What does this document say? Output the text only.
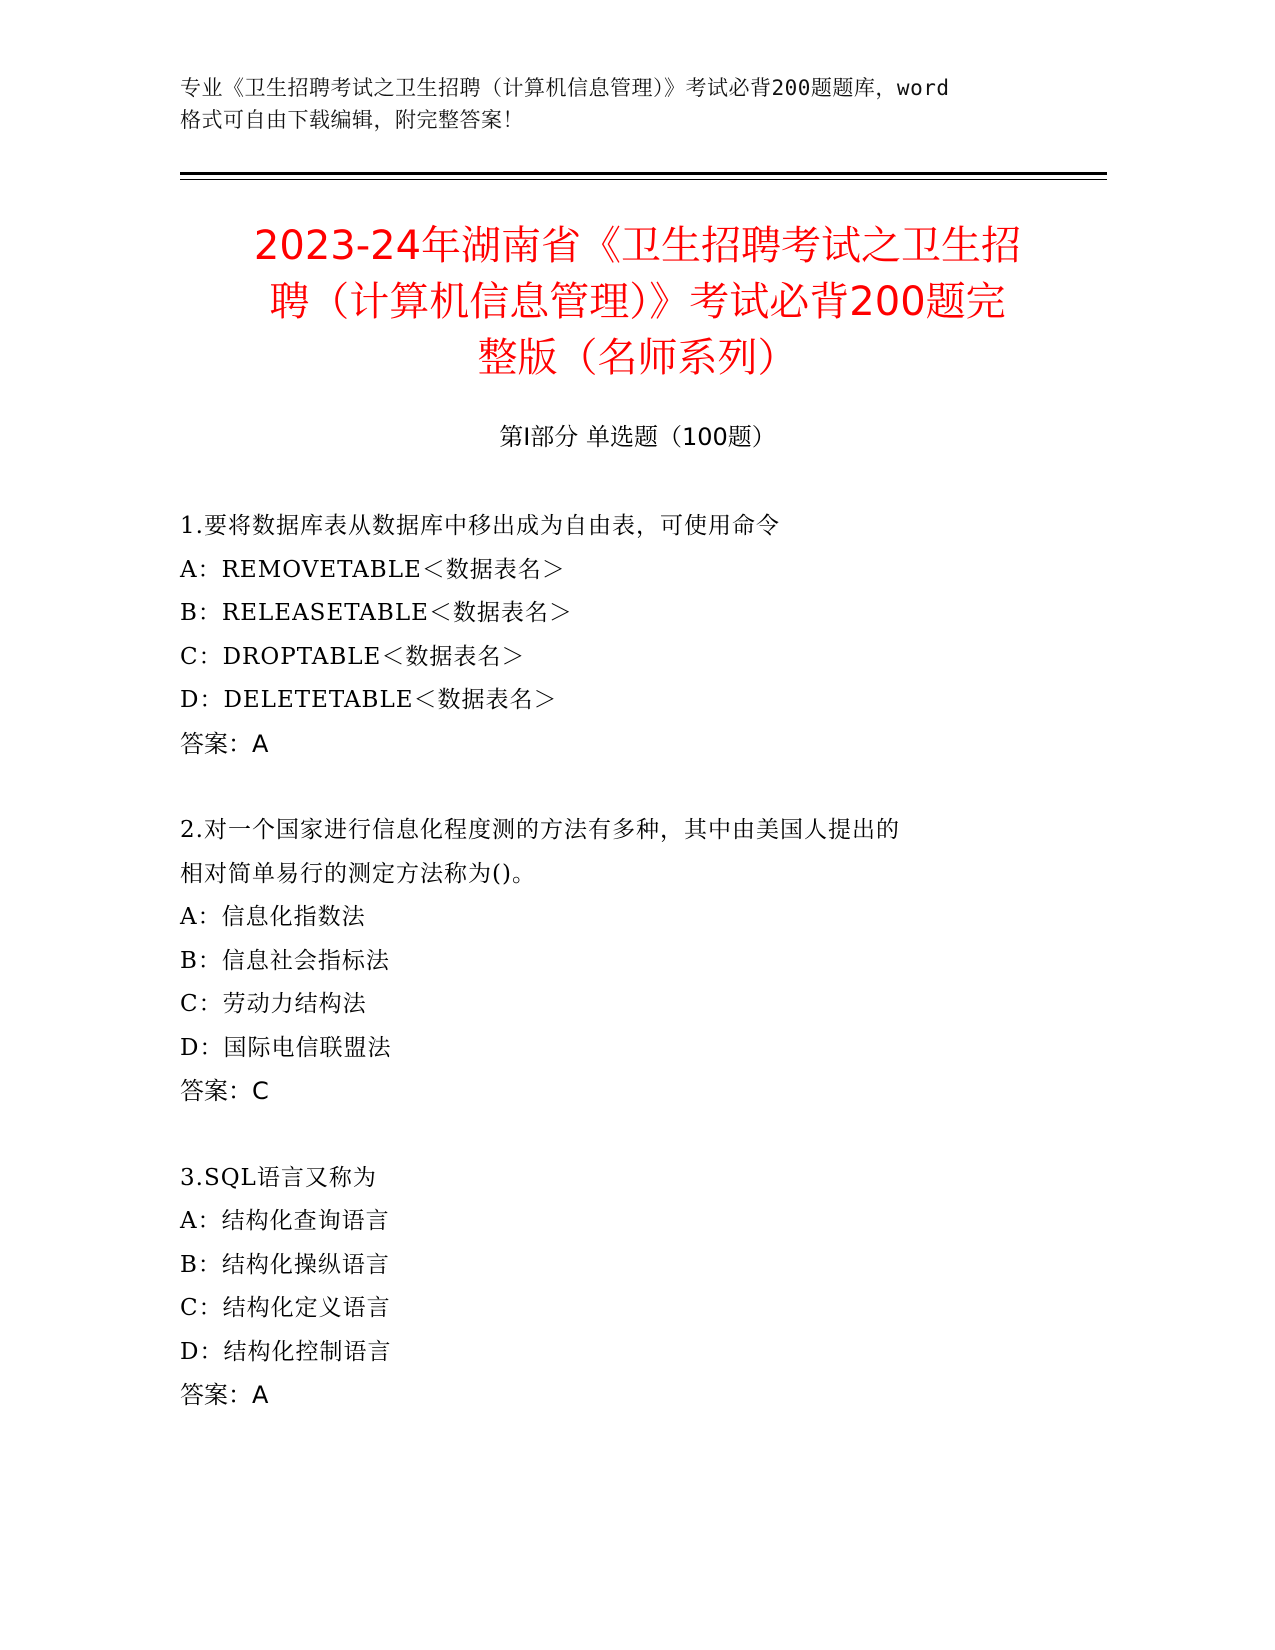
专业《卫生招聘考试之卫生招聘（计算机信息管理）》考试必背200题题库，word
格式可自由下载编辑，附完整答案！
2023-24年湖南省《卫生招聘考试之卫生招
聘（计算机信息管理）》考试必背200题完
整版（名师系列）
第Ⅰ部分 单选题（100题）
1.要将数据库表从数据库中移出成为自由表，可使用命令
A：REMOVETABLE＜数据表名＞
B：RELEASETABLE＜数据表名＞
C：DROPTABLE＜数据表名＞
D：DELETETABLE＜数据表名＞
答案：A
2.对一个国家进行信息化程度测的方法有多种，其中由美国人提出的
相对简单易行的测定方法称为()。
A：信息化指数法
B：信息社会指标法
C：劳动力结构法
D：国际电信联盟法
答案：C
3.SQL语言又称为
A：结构化查询语言
B：结构化操纵语言
C：结构化定义语言
D：结构化控制语言
答案：A
